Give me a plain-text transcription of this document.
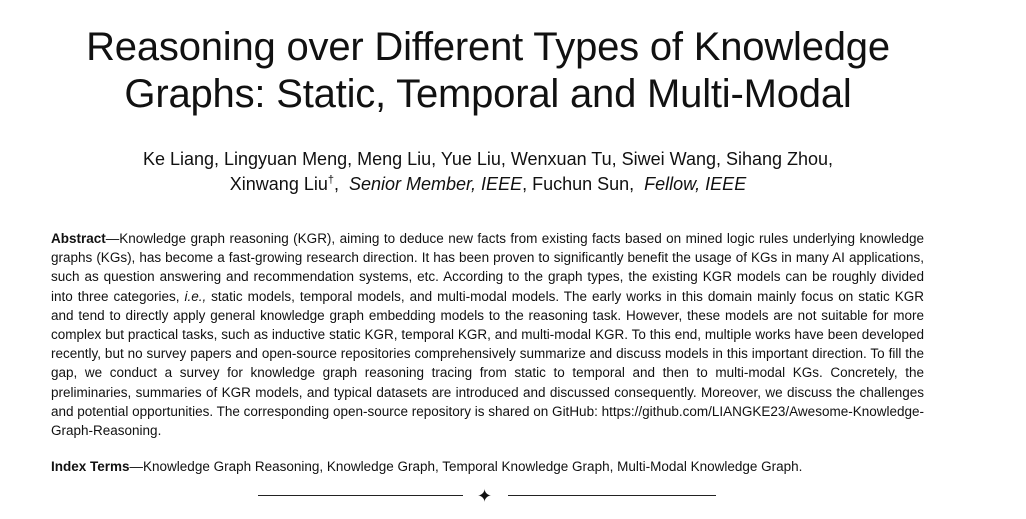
Reasoning over Different Types of Knowledge
Graphs: Static, Temporal and Multi-Modal
Ke Liang, Lingyuan Meng, Meng Liu, Yue Liu, Wenxuan Tu, Siwei Wang, Sihang Zhou,
Xinwang Liu†,  Senior Member, IEEE, Fuchun Sun,  Fellow, IEEE
Abstract—Knowledge graph reasoning (KGR), aiming to deduce new facts from existing facts based on mined logic rules underlying knowledge graphs (KGs), has become a fast-growing research direction. It has been proven to significantly benefit the usage of KGs in many AI applications, such as question answering and recommendation systems, etc. According to the graph types, the existing KGR models can be roughly divided into three categories, i.e., static models, temporal models, and multi-modal models. The early works in this domain mainly focus on static KGR and tend to directly apply general knowledge graph embedding models to the reasoning task. However, these models are not suitable for more complex but practical tasks, such as inductive static KGR, temporal KGR, and multi-modal KGR. To this end, multiple works have been developed recently, but no survey papers and open-source repositories comprehensively summarize and discuss models in this important direction. To fill the gap, we conduct a survey for knowledge graph reasoning tracing from static to temporal and then to multi-modal KGs. Concretely, the preliminaries, summaries of KGR models, and typical datasets are introduced and discussed consequently. Moreover, we discuss the challenges and potential opportunities. The corresponding open-source repository is shared on GitHub: https://github.com/LIANGKE23/Awesome-Knowledge-Graph-Reasoning.
Index Terms—Knowledge Graph Reasoning, Knowledge Graph, Temporal Knowledge Graph, Multi-Modal Knowledge Graph.
✦
